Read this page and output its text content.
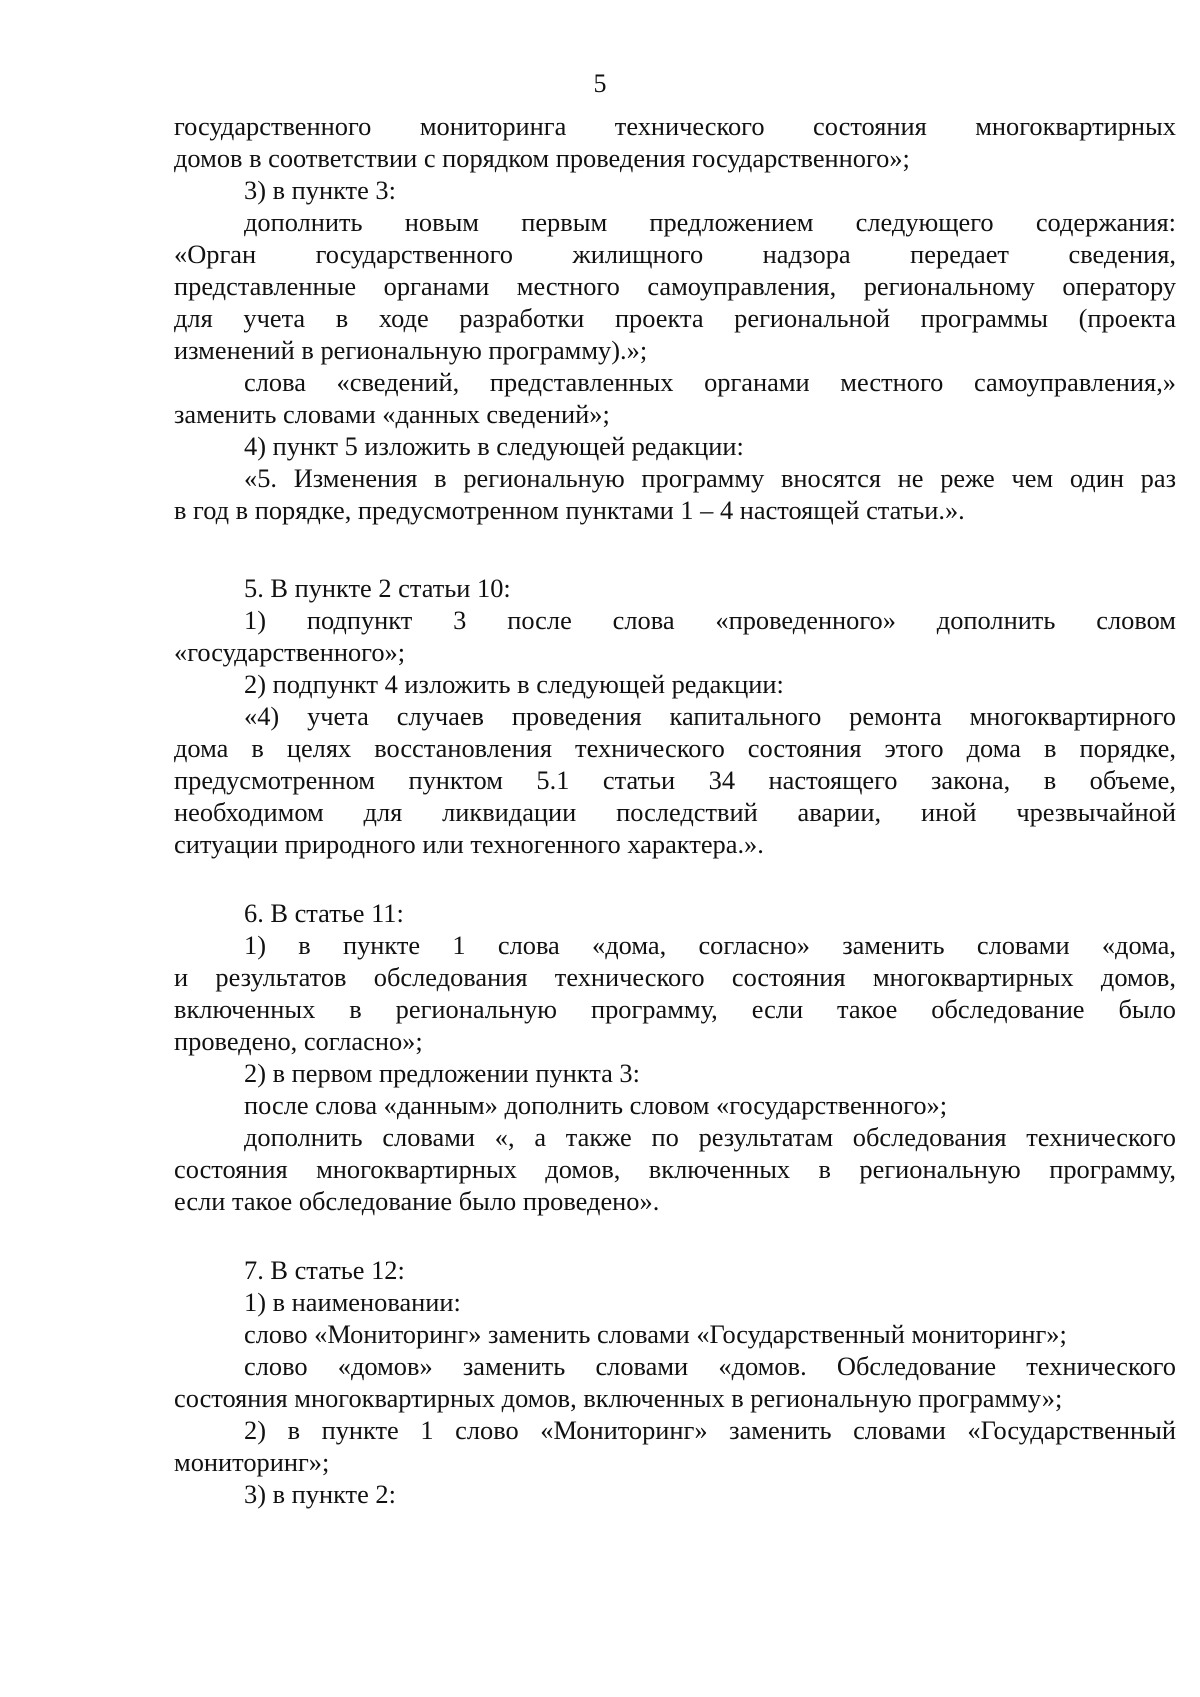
5
государственного мониторинга технического состояния многоквартирных
домов в соответствии с порядком проведения государственного»;
3) в пункте 3:
дополнить новым первым предложением следующего содержания:
«Орган государственного жилищного надзора передает сведения,
представленные органами местного самоуправления, региональному оператору
для учета в ходе разработки проекта региональной программы (проекта
изменений в региональную программу).»;
слова «сведений, представленных органами местного самоуправления,»
заменить словами «данных сведений»;
4) пункт 5 изложить в следующей редакции:
«5. Изменения в региональную программу вносятся не реже чем один раз
в год в порядке, предусмотренном пунктами 1 – 4 настоящей статьи.».
5. В пункте 2 статьи 10:
1) подпункт 3 после слова «проведенного» дополнить словом
«государственного»;
2) подпункт 4 изложить в следующей редакции:
«4) учета случаев проведения капитального ремонта многоквартирного
дома в целях восстановления технического состояния этого дома в порядке,
предусмотренном пунктом 5.1 статьи 34 настоящего закона, в объеме,
необходимом для ликвидации последствий аварии, иной чрезвычайной
ситуации природного или техногенного характера.».
6. В статье 11:
1) в пункте 1 слова «дома, согласно» заменить словами «дома,
и результатов обследования технического состояния многоквартирных домов,
включенных в региональную программу, если такое обследование было
проведено, согласно»;
2) в первом предложении пункта 3:
после слова «данным» дополнить словом «государственного»;
дополнить словами «, а также по результатам обследования технического
состояния многоквартирных домов, включенных в региональную программу,
если такое обследование было проведено».
7. В статье 12:
1) в наименовании:
слово «Мониторинг» заменить словами «Государственный мониторинг»;
слово «домов» заменить словами «домов. Обследование технического
состояния многоквартирных домов, включенных в региональную программу»;
2) в пункте 1 слово «Мониторинг» заменить словами «Государственный
мониторинг»;
3) в пункте 2:
